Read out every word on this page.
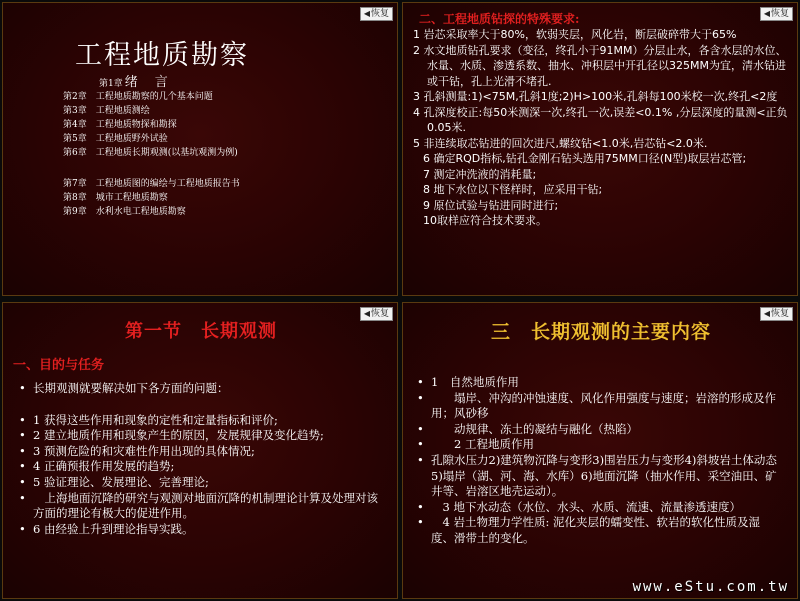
◀恢复
工程地质勘察
第1章 绪　言
第2章　工程地质勘察的几个基本问题
第3章　工程地质测绘
第4章　工程地质物探和勘探
第5章　工程地质野外试验
第6章　工程地质长期观测(以基坑观测为例)
第7章　工程地质图的编绘与工程地质报告书
第8章　城市工程地质勘察
第9章　水利水电工程地质勘察
◀恢复
二、工程地质钻探的特殊要求:
1 岩芯采取率大于80%，软弱夹层，风化岩，断层破碎带大于65%
2 水文地质钻孔要求（变径，终孔小于91MM）分层止水，各含水层的水位、水量、水质、渗透系数、抽水、冲积层中开孔径以325MM为宜，清水钻进或干钻，孔上光滑不堵孔.
3 孔斜测量:1)<75M,孔斜1度;2)H>100米,孔斜每100米校一次,终孔<2度
4 孔深度校正:每50米测深一次,终孔一次,误差<0.1% ,分层深度的量测<正负0.05米.
5 非连续取芯钻进的回次进尺,螺纹钻<1.0米,岩芯钻<2.0米.
6 确定RQD指标,钻孔金刚石钻头选用75MM口径(N型)取层岩芯管;
7 测定冲洗液的消耗量;
8 地下水位以下怪样时，应采用干钻;
9 原位试验与钻进同时进行;
10取样应符合技术要求。
◀恢复
第一节　长期观测
一、目的与任务
• 长期观测就要解决如下各方面的问题：
• 1 获得这些作用和现象的定性和定量指标和评价;
• 2 建立地质作用和现象产生的原因，发展规律及变化趋势;
• 3 预测危险的和灾难性作用出现的具体情况;
• 4 正确预报作用发展的趋势;
• 5 验证理论、发展理论、完善理论;
• 　上海地面沉降的研究与观测对地面沉降的机制理论计算及处理对该方面的理论有极大的促进作用。
• 6 由经验上升到理论指导实践。
◀恢复
三　长期观测的主要内容
• 1　自然地质作用
• 　　塌岸、冲沟的冲蚀速度、风化作用强度与速度；岩溶的形成及作用；风砂移
• 　　动规律、冻土的凝结与融化（热陷）
• 　　2 工程地质作用
• 孔隙水压力2)建筑物沉降与变形3)围岩压力与变形4)斜坡岩土体动态5)塌岸（湖、河、海、水库）6)地面沉降（抽水作用、采空油田、矿井等、岩溶区地壳运动）。
• 　3 地下水动态（水位、水头、水质、流速、流量渗透速度）
• 　4 岩土物理力学性质: 泥化夹层的蠕变性、软岩的软化性质及湿度、滑带土的变化。
www.eStu.com.tw
